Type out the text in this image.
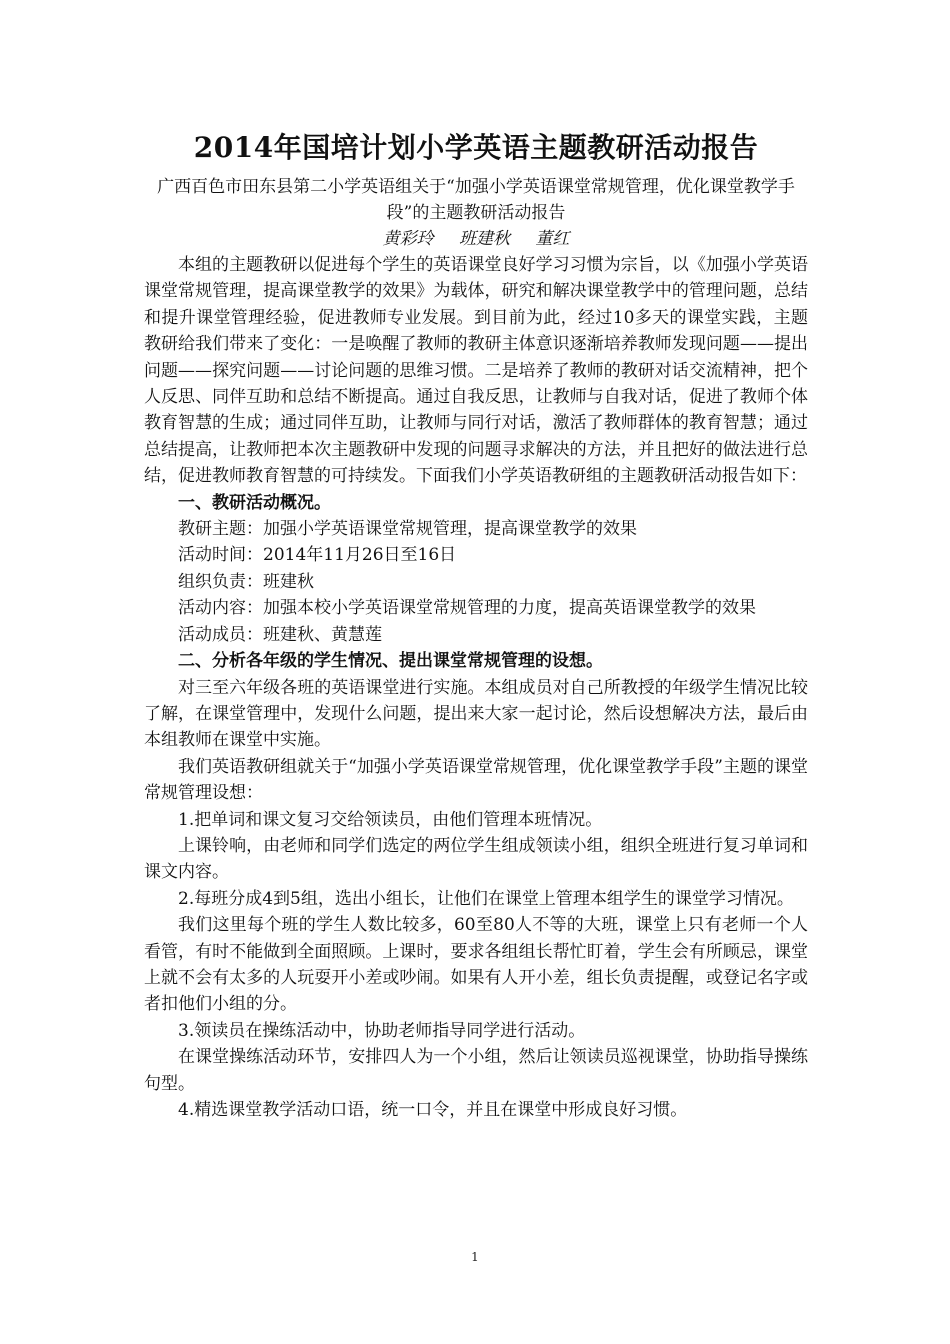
2014年国培计划小学英语主题教研活动报告

广西百色市田东县第二小学英语组关于“加强小学英语课堂常规管理，优化课堂教学手段”的主题教研活动报告

黄彩玲 班建秋 董红

本组的主题教研以促进每个学生的英语课堂良好学习习惯为宗旨，以《加强小学英语课堂常规管理，提高课堂教学的效果》为载体，研究和解决课堂教学中的管理问题，总结和提升课堂管理经验，促进教师专业发展。到目前为此，经过10多天的课堂实践，主题教研给我们带来了变化：一是唤醒了教师的教研主体意识逐渐培养教师发现问题——提出问题——探究问题——讨论问题的思维习惯。二是培养了教师的教研对话交流精神，把个人反思、同伴互助和总结不断提高。通过自我反思，让教师与自我对话，促进了教师个体教育智慧的生成；通过同伴互助，让教师与同行对话，激活了教师群体的教育智慧；通过总结提高，让教师把本次主题教研中发现的问题寻求解决的方法，并且把好的做法进行总结，促进教师教育智慧的可持续发。下面我们小学英语教研组的主题教研活动报告如下：

一、教研活动概况。

教研主题：加强小学英语课堂常规管理，提高课堂教学的效果

活动时间：2014年11月26日至16日

组织负责：班建秋

活动内容：加强本校小学英语课堂常规管理的力度，提高英语课堂教学的效果

活动成员：班建秋、黄慧莲

二、分析各年级的学生情况、提出课堂常规管理的设想。

对三至六年级各班的英语课堂进行实施。本组成员对自己所教授的年级学生情况比较了解，在课堂管理中，发现什么问题，提出来大家一起讨论，然后设想解决方法，最后由本组教师在课堂中实施。

我们英语教研组就关于“加强小学英语课堂常规管理，优化课堂教学手段”主题的课堂常规管理设想：

1.把单词和课文复习交给领读员，由他们管理本班情况。

上课铃响，由老师和同学们选定的两位学生组成领读小组，组织全班进行复习单词和课文内容。

2.每班分成4到5组，选出小组长，让他们在课堂上管理本组学生的课堂学习情况。

我们这里每个班的学生人数比较多，60至80人不等的大班，课堂上只有老师一个人看管，有时不能做到全面照顾。上课时，要求各组组长帮忙盯着，学生会有所顾忌，课堂上就不会有太多的人玩耍开小差或吵闹。如果有人开小差，组长负责提醒，或登记名字或者扣他们小组的分。

3.领读员在操练活动中，协助老师指导同学进行活动。

在课堂操练活动环节，安排四人为一个小组，然后让领读员巡视课堂，协助指导操练句型。

4.精选课堂教学活动口语，统一口令，并且在课堂中形成良好习惯。

1
